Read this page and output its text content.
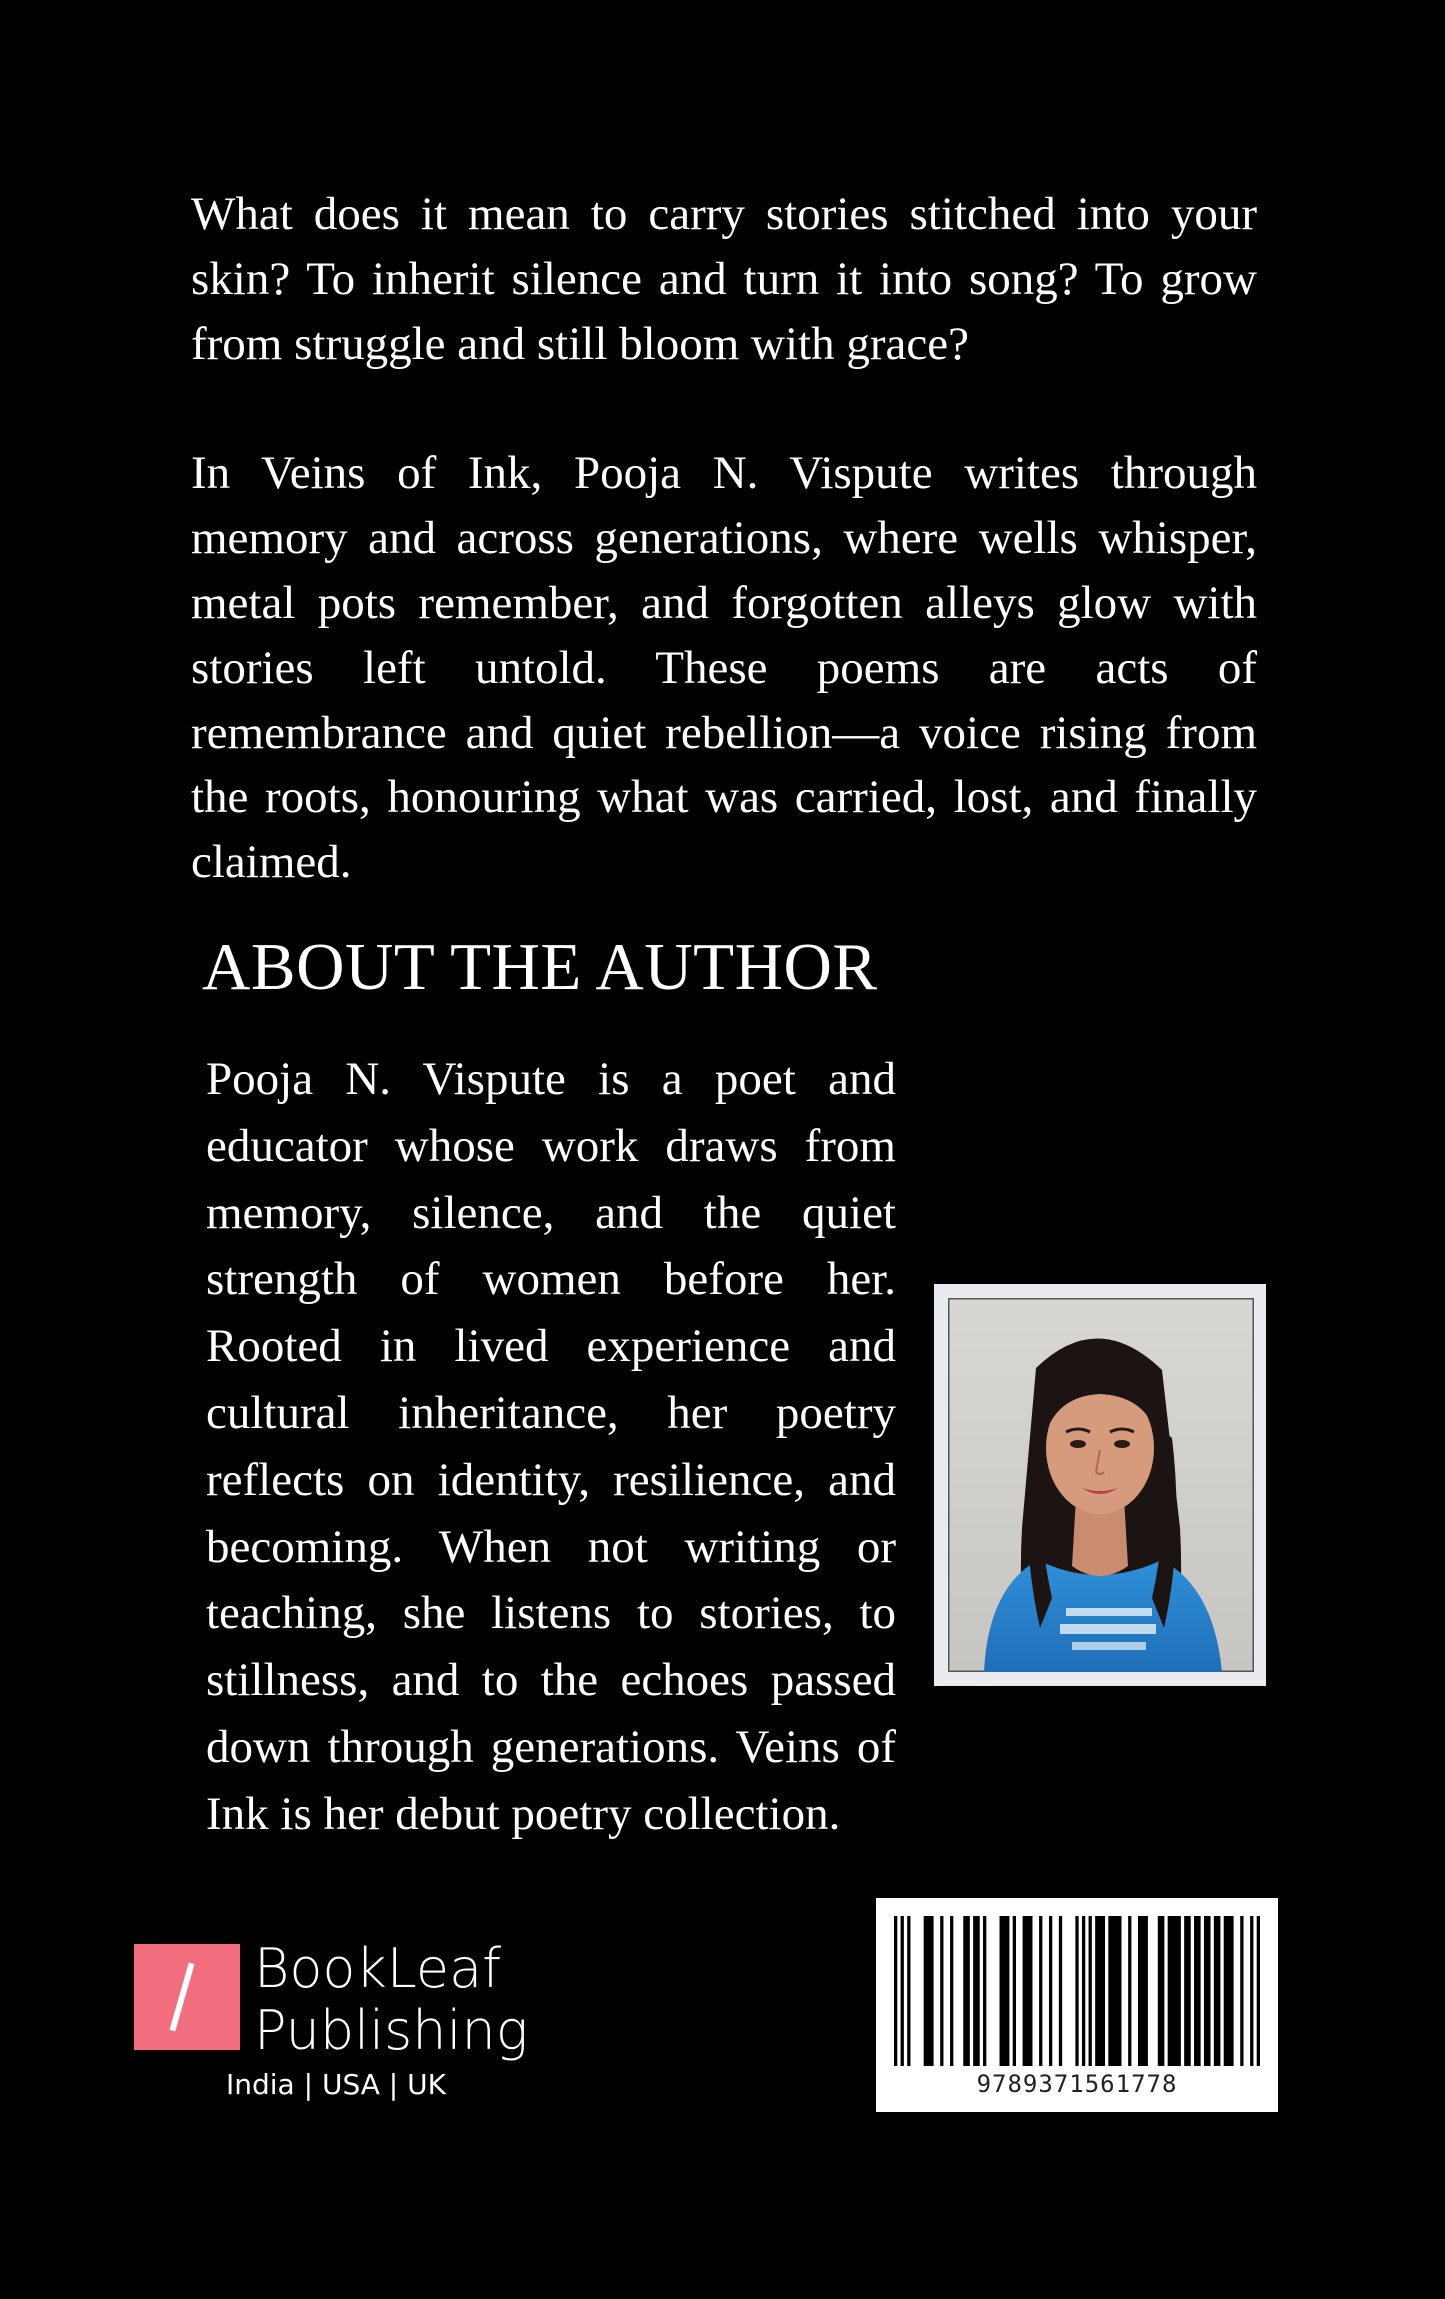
What does it mean to carry stories stitched into your skin? To inherit silence and turn it into song? To grow from struggle and still bloom with grace?

In Veins of Ink, Pooja N. Vispute writes through memory and across generations, where wells whisper, metal pots remember, and forgotten alleys glow with stories left untold. These poems are acts of remembrance and quiet rebellion—a voice rising from the roots, honouring what was carried, lost, and finally claimed.

ABOUT THE AUTHOR

Pooja N. Vispute is a poet and educator whose work draws from memory, silence, and the quiet strength of women before her. Rooted in lived experience and cultural inheritance, her poetry reflects on identity, resilience, and becoming. When not writing or teaching, she listens to stories, to stillness, and to the echoes passed down through generations. Veins of Ink is her debut poetry collection.

BookLeaf
Publishing
India | USA | UK	9789371561778
